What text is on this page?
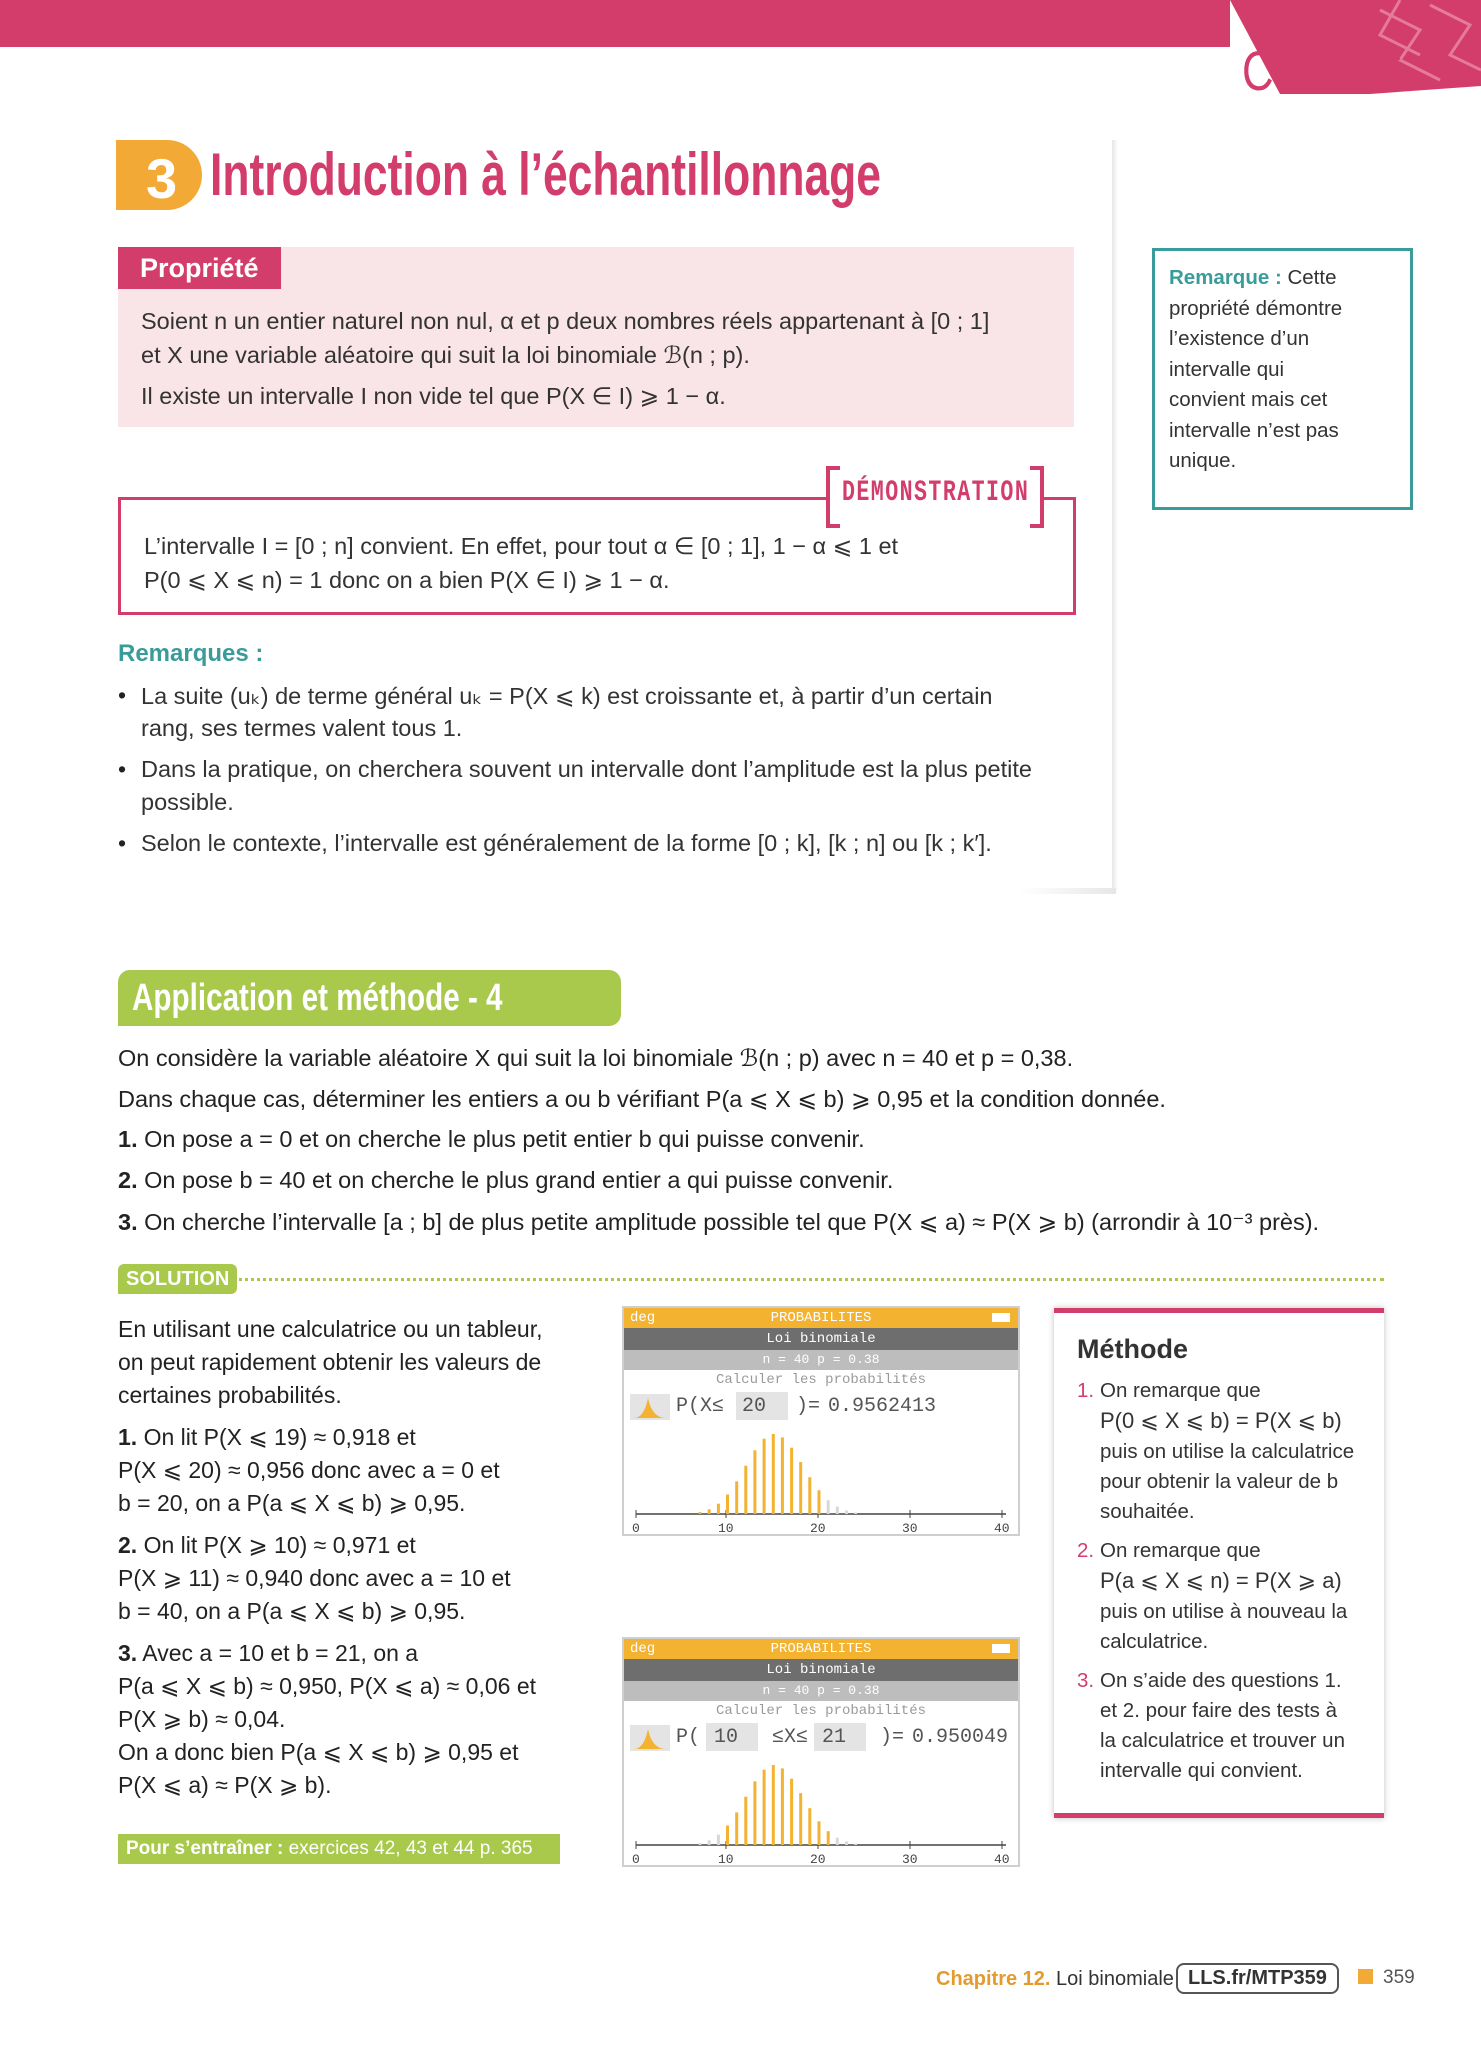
COURS
3 Introduction à l’échantillonnage
Propriété
Soient n un entier naturel non nul, α et p deux nombres réels appartenant à [0 ; 1]
et X une variable aléatoire qui suit la loi binomiale ℬ(n ; p).
Il existe un intervalle I non vide tel que P(X ∈ I) ⩾ 1 − α.
Remarque : Cette
propriété démontre
l’existence d’un
intervalle qui
convient mais cet
intervalle n’est pas
unique.
DÉMONSTRATION
L’intervalle I = [0 ; n] convient. En effet, pour tout α ∈ [0 ; 1], 1 − α ⩽ 1 et
P(0 ⩽ X ⩽ n) = 1 donc on a bien P(X ∈ I) ⩾ 1 − α.
Remarques :
• La suite (uₖ) de terme général uₖ = P(X ⩽ k) est croissante et, à partir d’un certain
rang, ses termes valent tous 1.
• Dans la pratique, on cherchera souvent un intervalle dont l’amplitude est la plus petite
possible.
• Selon le contexte, l’intervalle est généralement de la forme [0 ; k], [k ; n] ou [k ; k′].
Application et méthode - 4
On considère la variable aléatoire X qui suit la loi binomiale ℬ(n ; p) avec n = 40 et p = 0,38.
Dans chaque cas, déterminer les entiers a ou b vérifiant P(a ⩽ X ⩽ b) ⩾ 0,95 et la condition donnée.
1. On pose a = 0 et on cherche le plus petit entier b qui puisse convenir.
2. On pose b = 40 et on cherche le plus grand entier a qui puisse convenir.
3. On cherche l’intervalle [a ; b] de plus petite amplitude possible tel que P(X ⩽ a) ≈ P(X ⩾ b) (arrondir à 10⁻³ près).
SOLUTION
En utilisant une calculatrice ou un tableur,
on peut rapidement obtenir les valeurs de
certaines probabilités.
1. On lit P(X ⩽ 19) ≈ 0,918 et
P(X ⩽ 20) ≈ 0,956 donc avec a = 0 et
b = 20, on a P(a ⩽ X ⩽ b) ⩾ 0,95.
2. On lit P(X ⩾ 10) ≈ 0,971 et
P(X ⩾ 11) ≈ 0,940 donc avec a = 10 et
b = 40, on a P(a ⩽ X ⩽ b) ⩾ 0,95.
3. Avec a = 10 et b = 21, on a
P(a ⩽ X ⩽ b) ≈ 0,950, P(X ⩽ a) ≈ 0,06 et
P(X ⩾ b) ≈ 0,04.
On a donc bien P(a ⩽ X ⩽ b) ⩾ 0,95 et
P(X ⩽ a) ≈ P(X ⩾ b).
deg	PROBABILITES
Loi binomiale
n = 40 p = 0.38
Calculer les probabilités
P(X≤ 20 )= 0.9562413
0	10	20	30	40
deg	PROBABILITES
Loi binomiale
n = 40 p = 0.38
Calculer les probabilités
P( 10 ≤X≤ 21 )= 0.950049
0	10	20	30	40
Méthode
1. On remarque que
P(0 ⩽ X ⩽ b) = P(X ⩽ b)
puis on utilise la calculatrice
pour obtenir la valeur de b
souhaitée.
2. On remarque que
P(a ⩽ X ⩽ n) = P(X ⩾ a)
puis on utilise à nouveau la
calculatrice.
3. On s’aide des questions 1.
et 2. pour faire des tests à
la calculatrice et trouver un
intervalle qui convient.
Pour s’entraîner : exercices 42, 43 et 44 p. 365
Chapitre 12. Loi binomiale LLS.fr/MTP359	359
